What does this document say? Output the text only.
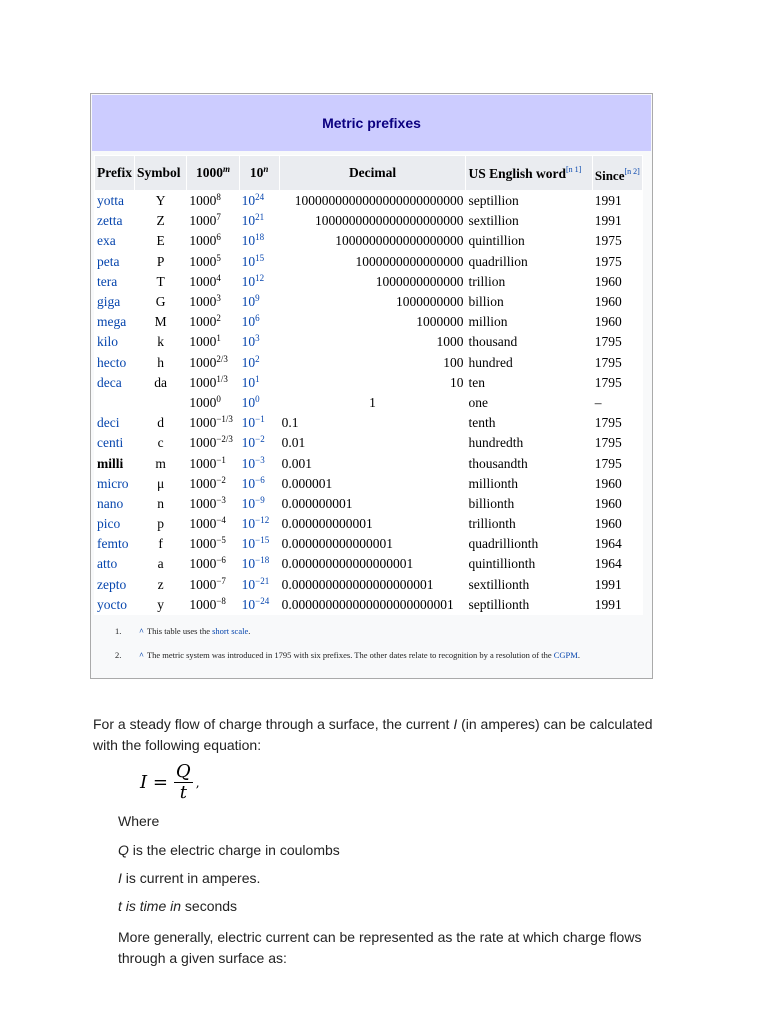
Metric prefixes
Prefix	Symbol	1000$^m$	10$^n$	Decimal	US English word[n 1]	Since[n 2]

yotta	Y	1000$^8$	$10^{24}$	1000000000000000000000000	septillion	1991
zetta	Z	1000$^7$	$10^{21}$	1000000000000000000000	sextillion	1991
exa	E	1000$^6$	$10^{18}$	1000000000000000000	quintillion	1975
peta	P	1000$^5$	$10^{15}$	1000000000000000	quadrillion	1975
tera	T	1000$^4$	$10^{12}$	1000000000000	trillion	1960
giga	G	1000$^3$	$10^9$	1000000000	billion	1960
mega	M	1000$^2$	$10^6$	1000000	million	1960
kilo	k	1000$^1$	$10^3$	1000	thousand	1795
hecto	h	$1000^{2/3}$	$10^2$	100	hundred	1795
deca	da	$1000^{1/3}$	$10^1$	10	ten	1795
		1000$^0$	$10^0$	1	one	–
deci	d	$1000^{-1/3}$	$10^{-1}$	0.1	tenth	1795
centi	c	$1000^{-2/3}$	$10^{-2}$	0.01	hundredth	1795
milli	m	$1000^{-1}$	$10^{-3}$	0.001	thousandth	1795
micro	μ	$1000^{-2}$	$10^{-6}$	0.000001	millionth	1960
nano	n	$1000^{-3}$	$10^{-9}$	0.000000001	billionth	1960
pico	p	$1000^{-4}$	$10^{-12}$	0.000000000001	trillionth	1960
femto	f	$1000^{-5}$	$10^{-15}$	0.000000000000001	quadrillionth	1964
atto	a	$1000^{-6}$	$10^{-18}$	0.000000000000000001	quintillionth	1964
zepto	z	$1000^{-7}$	$10^{-21}$	0.000000000000000000001	sextillionth	1991
yocto	y	$1000^{-8}$	$10^{-24}$	0.000000000000000000000001	septillionth	1991
1. ^ This table uses the short scale.
2. ^ The metric system was introduced in 1795 with six prefixes. The other dates relate to recognition by a resolution of the CGPM.
For a steady flow of charge through a surface, the current I (in amperes) can be calculated with the following equation:
$I = \frac{Q}{t}$ ,
Where
Q is the electric charge in coulombs
I is current in amperes.
t is time in seconds
More generally, electric current can be represented as the rate at which charge flows through a given surface as:
